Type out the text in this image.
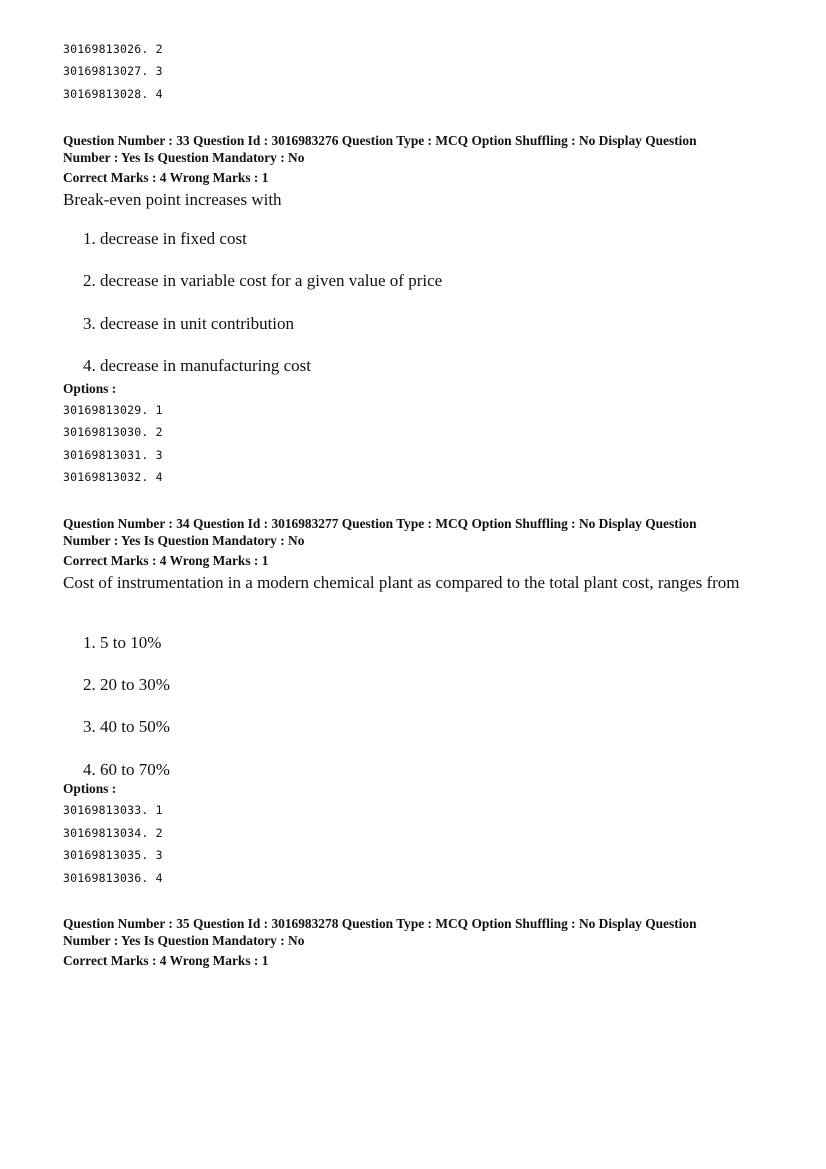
30169813026. 2
30169813027. 3
30169813028. 4
Question Number : 33 Question Id : 3016983276 Question Type : MCQ Option Shuffling : No Display Question
Number : Yes Is Question Mandatory : No
Correct Marks : 4 Wrong Marks : 1
Break-even point increases with
1. decrease in fixed cost
2. decrease in variable cost for a given value of price
3. decrease in unit contribution
4. decrease in manufacturing cost
Options :
30169813029. 1
30169813030. 2
30169813031. 3
30169813032. 4
Question Number : 34 Question Id : 3016983277 Question Type : MCQ Option Shuffling : No Display Question
Number : Yes Is Question Mandatory : No
Correct Marks : 4 Wrong Marks : 1
Cost of instrumentation in a modern chemical plant as compared to the total plant cost, ranges from
1. 5 to 10%
2. 20 to 30%
3. 40 to 50%
4. 60 to 70%
Options :
30169813033. 1
30169813034. 2
30169813035. 3
30169813036. 4
Question Number : 35 Question Id : 3016983278 Question Type : MCQ Option Shuffling : No Display Question
Number : Yes Is Question Mandatory : No
Correct Marks : 4 Wrong Marks : 1
